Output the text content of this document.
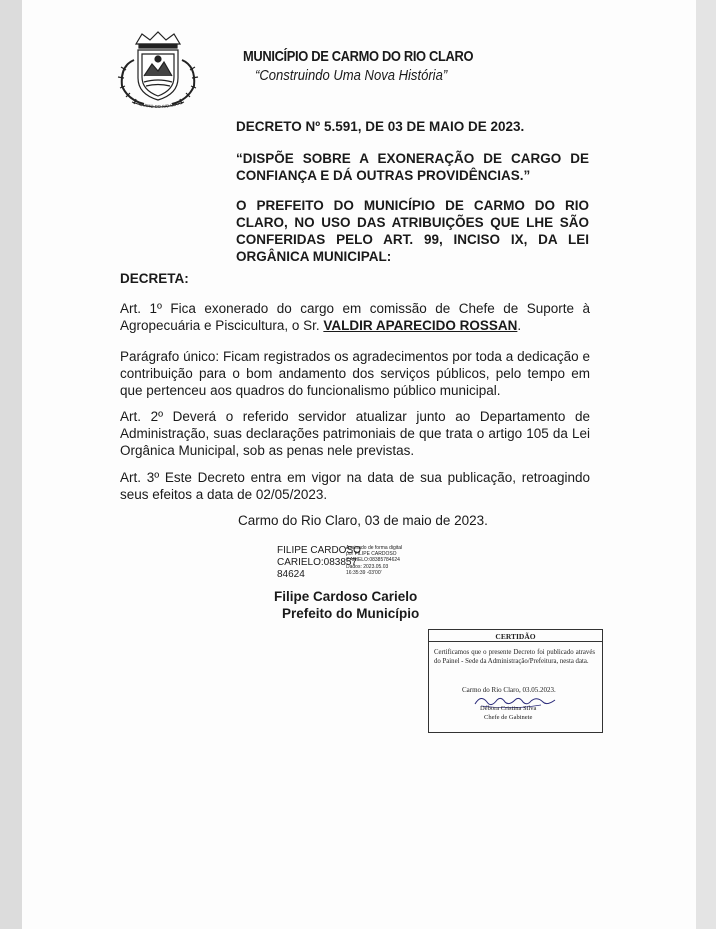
CARMO DO RIO CLAR
MUNICÍPIO DE CARMO DO RIO CLARO
“Construindo Uma Nova História”
DECRETO Nº 5.591, DE 03 DE MAIO DE 2023.
“DISPÕE SOBRE A EXONERAÇÃO DE CARGO DE CONFIANÇA E DÁ OUTRAS PROVIDÊNCIAS.”
O PREFEITO DO MUNICÍPIO DE CARMO DO RIO CLARO, NO USO DAS ATRIBUIÇÕES QUE LHE SÃO CONFERIDAS PELO ART. 99, INCISO IX, DA LEI ORGÂNICA MUNICIPAL:
DECRETA:
Art. 1º Fica exonerado do cargo em comissão de Chefe de Suporte à Agropecuária e Piscicultura, o Sr. VALDIR APARECIDO ROSSAN.
Parágrafo único: Ficam registrados os agradecimentos por toda a dedicação e contribuição para o bom andamento dos serviços públicos, pelo tempo em que pertenceu aos quadros do funcionalismo público municipal.
Art. 2º Deverá o referido servidor atualizar junto ao Departamento de Administração, suas declarações patrimoniais de que trata o artigo 105 da Lei Orgânica Municipal, sob as penas nele previstas.
Art. 3º Este Decreto entra em vigor na data de sua publicação, retroagindo seus efeitos a data de 02/05/2023.
Carmo do Rio Claro, 03 de maio de 2023.
FILIPE CARDOSO
CARIELO:083857
84624
Assinado de forma digital
por FILIPE CARDOSO
CARIELO:08385784624
Dados: 2023.05.03
16:35:39 -03'00'
Filipe Cardoso Carielo
Prefeito do Município
CERTIDÃO
Certificamos que o presente Decreto foi publicado através do Painel - Sede da Administração/Prefeitura, nesta data.
Carmo do Rio Claro, 03.05.2023.
Débora Cristina Silva
Chefe de Gabinete
